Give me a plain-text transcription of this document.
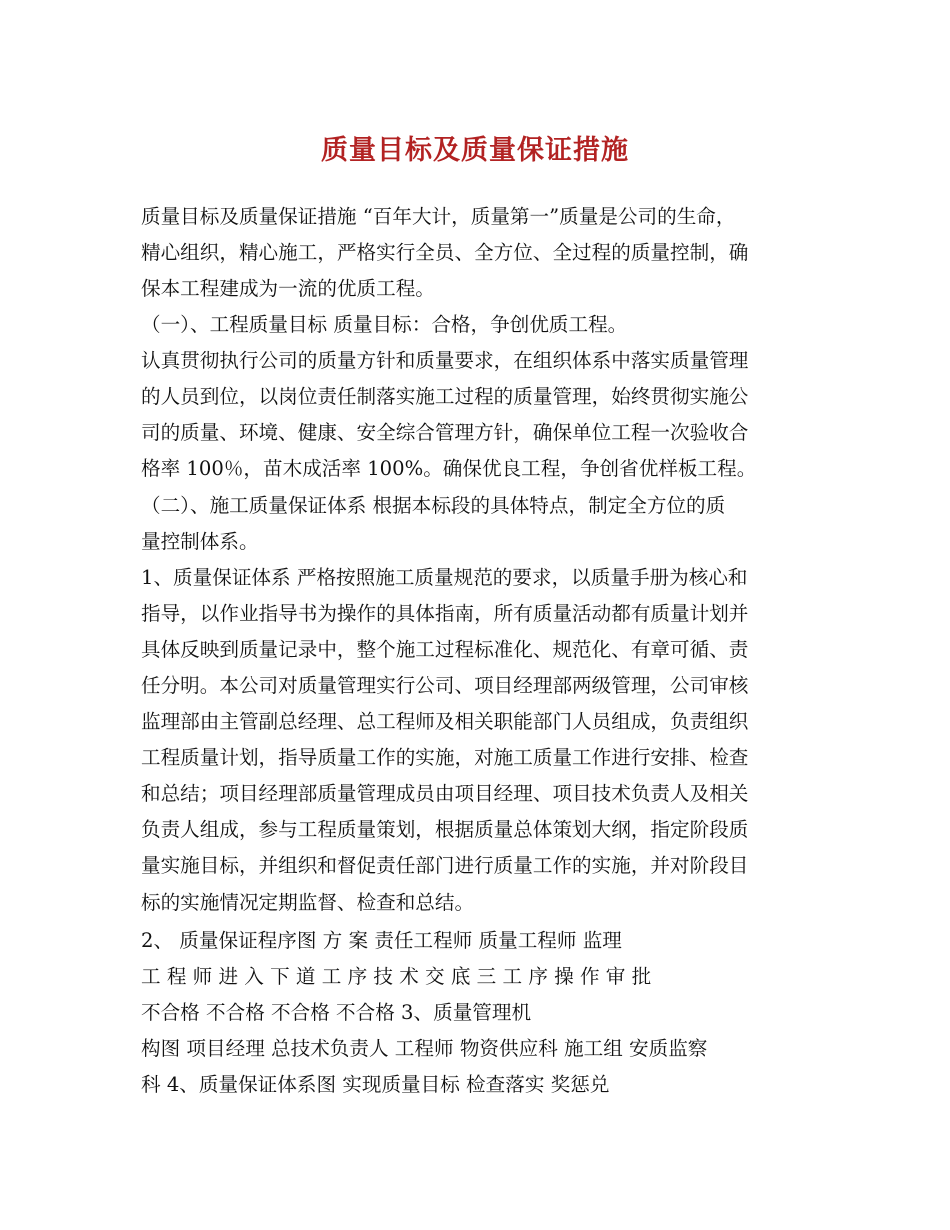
质量目标及质量保证措施
质量目标及质量保证措施 “百年大计，质量第一”质量是公司的生命，
精心组织，精心施工，严格实行全员、全方位、全过程的质量控制，确
保本工程建成为一流的优质工程。
（一）、工程质量目标 质量目标：合格，争创优质工程。
认真贯彻执行公司的质量方针和质量要求，在组织体系中落实质量管理
的人员到位，以岗位责任制落实施工过程的质量管理，始终贯彻实施公
司的质量、环境、健康、安全综合管理方针，确保单位工程一次验收合
格率 100％，苗木成活率 100%。确保优良工程，争创省优样板工程。
（二）、施工质量保证体系 根据本标段的具体特点，制定全方位的质
量控制体系。
1、质量保证体系 严格按照施工质量规范的要求，以质量手册为核心和
指导，以作业指导书为操作的具体指南，所有质量活动都有质量计划并
具体反映到质量记录中，整个施工过程标准化、规范化、有章可循、责
任分明。本公司对质量管理实行公司、项目经理部两级管理，公司审核
监理部由主管副总经理、总工程师及相关职能部门人员组成，负责组织
工程质量计划，指导质量工作的实施，对施工质量工作进行安排、检查
和总结；项目经理部质量管理成员由项目经理、项目技术负责人及相关
负责人组成，参与工程质量策划，根据质量总体策划大纲，指定阶段质
量实施目标，并组织和督促责任部门进行质量工作的实施，并对阶段目
标的实施情况定期监督、检查和总结。
2、 质量保证程序图 方 案 责任工程师 质量工程师 监理
工 程 师 进 入 下 道 工 序 技 术 交 底 三 工 序 操 作 审 批
不合格 不合格 不合格 不合格 3、质量管理机
构图 项目经理 总技术负责人 工程师 物资供应科 施工组 安质监察
科 4、质量保证体系图 实现质量目标 检查落实 奖惩兑
